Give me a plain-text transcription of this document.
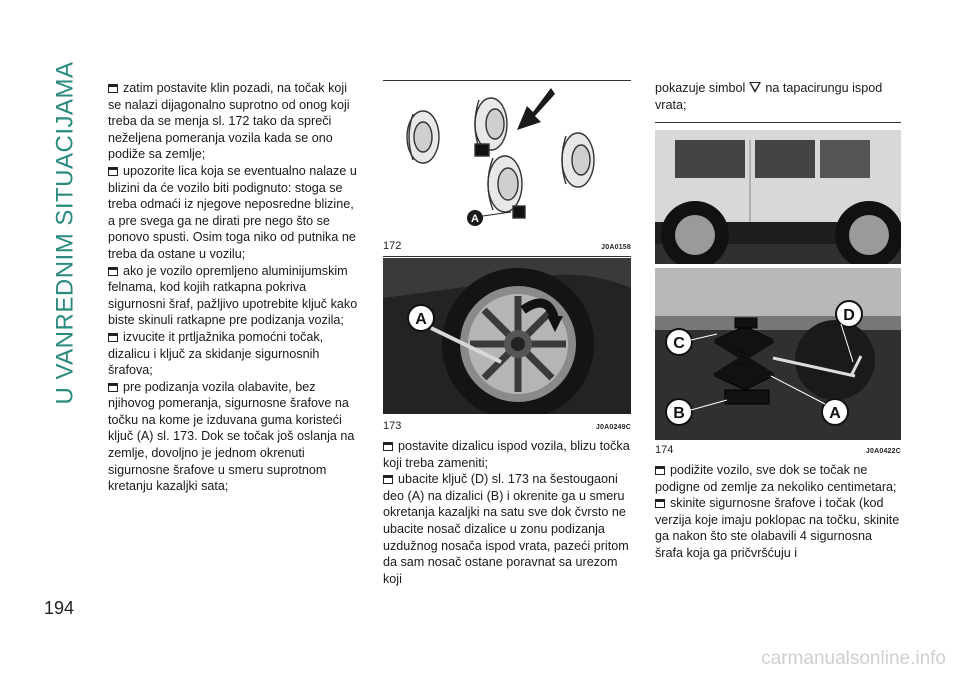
U VANREDNIM SITUACIJAMA
194

zatim postavite klin pozadi, na točak koji se nalazi dijagonalno suprotno od onog koji treba da se menja sl. 172 tako da spreči neželjena pomeranja vozila kada se ono podiže sa zemlje;

upozorite lica koja se eventualno nalaze u blizini da će vozilo biti podignuto: stoga se treba odmaći iz njegove neposredne blizine, a pre svega ga ne dirati pre nego što se ponovo spusti. Osim toga niko od putnika ne treba da ostane u vozilu;

ako je vozilo opremljeno aluminijumskim felnama, kod kojih ratkapna pokriva sigurnosni šraf, pažljivo upotrebite ključ kako biste skinuli ratkapne pre podizanja vozila;

izvucite it prtljažnika pomoćni točak, dizalicu i ključ za skidanje sigurnosnih šrafova;

pre podizanja vozila olabavite, bez njihovog pomeranja, sigurnosne šrafove na točku na kome je izduvana guma koristeći ključ (A) sl. 173. Dok se točak još oslanja na zemlje, dovoljno je jednom okrenuti sigurnosne šrafove u smeru suprotnom kretanju kazaljki sata;

A
172	J0A0158
A
173	J0A0249C

postavite dizalicu ispod vozila, blizu točka koji treba zameniti;

ubacite ključ (D) sl. 173 na šestougaoni deo (A) na dizalici (B) i okrenite ga u smeru okretanja kazaljki na satu sve dok čvrsto ne ubacite nosač dizalice u zonu podizanja uzdužnog nosača ispod vrata, pazeći pritom da sam nosač ostane poravnat sa urezom koji

pokazuje simbol na tapacirungu ispod vrata;

C
D
B	A
174	J0A0422C

podižite vozilo, sve dok se točak ne podigne od zemlje za nekoliko centimetara;

skinite sigurnosne šrafove i točak (kod verzija koje imaju poklopac na točku, skinite ga nakon što ste olabavili 4 sigurnosna šrafa koja ga pričvršćuju i

carmanualsonline.info
